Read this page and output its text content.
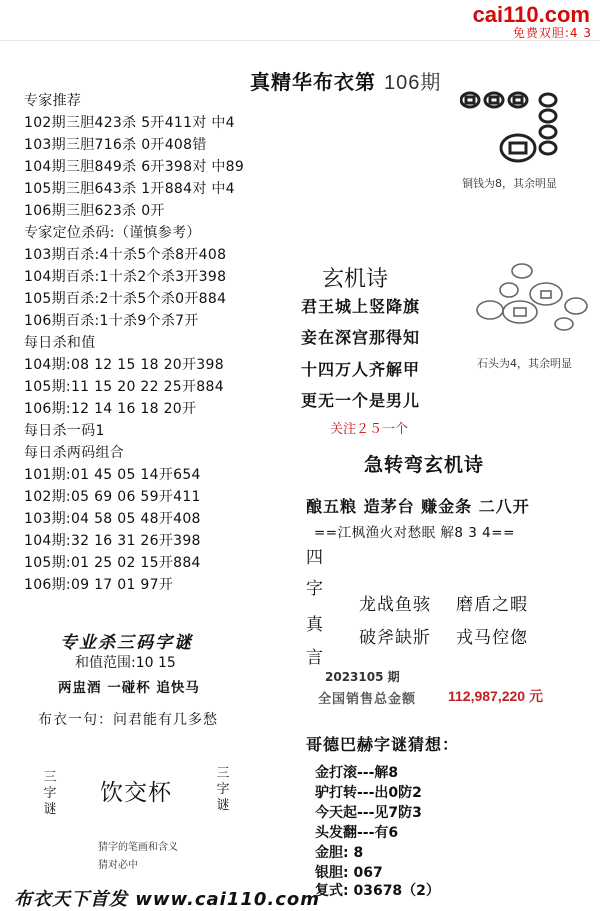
cai110.com
免费双胆:4 3
真精华布衣第 106期
专家推荐
102期三胆423杀 5开411对 中4
103期三胆716杀 0开408错
104期三胆849杀 6开398对 中89
105期三胆643杀 1开884对 中4
106期三胆623杀 0开
专家定位杀码:（谨慎参考）
103期百杀:4十杀5个杀8开408
104期百杀:1十杀2个杀3开398
105期百杀:2十杀5个杀0开884
106期百杀:1十杀9个杀7开
每日杀和值
104期:08 12 15 18 20开398
105期:11 15 20 22 25开884
106期:12 14 16 18 20开
每日杀一码1
每日杀两码组合
101期:01 45 05 14开654
102期:05 69 06 59开411
103期:04 58 05 48开408
104期:32 16 31 26开398
105期:01 25 02 15开884
106期:09 17 01 97开
专业杀三码字谜
和值范围:10 15
两盅酒 一碰杯 追快马
布衣一句：问君能有几多愁
三字谜
饮交杯
三字谜
猜字的笔画和含义
猜对必中
铜钱为8，其余明显
石头为4，其余明显
玄机诗
君王城上竖降旗
妾在深宫那得知
十四万人齐解甲
更无一个是男儿
关注２５一个
急转弯玄机诗
酿五粮 造茅台 赚金条 二八开
==江枫渔火对愁眠 解8 3 4==
四
字
真
言
龙战鱼骇 磨盾之暇
破斧缺斨 戎马倥偬
2023105 期
全国销售总金额 112,987,220 元
哥德巴赫字谜猜想：
金打滚---解8
驴打转---出0防2
今天起---见7防3
头发翻---有6
金胆: 8
银胆: 067
复式: 03678（2）
布衣天下首发 www.cai110.com
